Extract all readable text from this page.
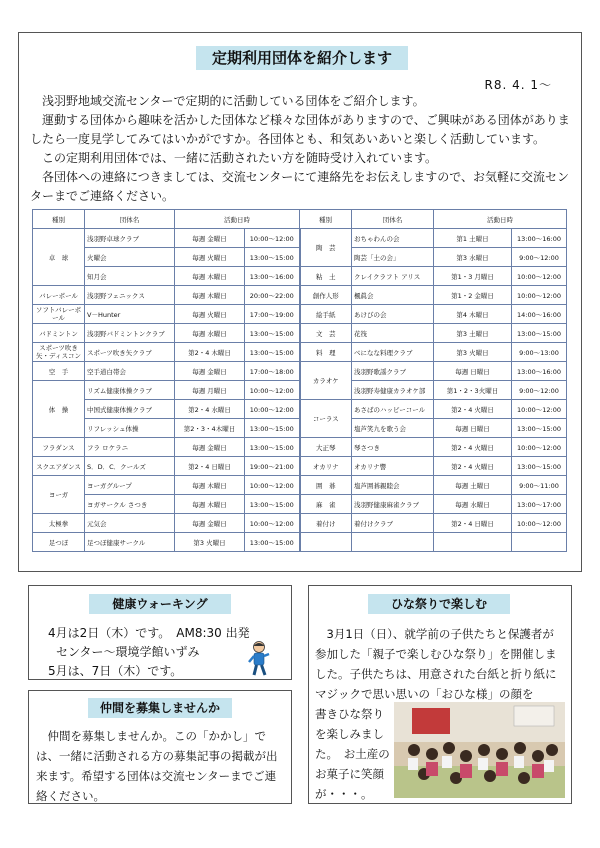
定期利用団体を紹介します
R8. 4. 1～

　浅羽野地域交流センターで定期的に活動している団体をご紹介します。

　運動する団体から趣味を活かした団体など様々な団体がありますので、ご興味がある団体がありましたら一度見学してみてはいかがですか。各団体とも、和気あいあいと楽しく活動しています。

　この定期利用団体では、一緒に活動されたい方を随時受け入れています。

　各団体への連絡につきましては、交流センターにて連絡先をお伝えしますので、お気軽に交流センターまでご連絡ください。

種別	団体名	活動日時		種別	団体名	活動日時	
卓　球	浅羽野卓球クラブ	毎週 金曜日	10:00～12:00	陶　芸	おちゃわんの会	第1 土曜日	13:00～16:00
	火曜会	毎週 火曜日	13:00～15:00		陶芸「土の会」	第3 水曜日	9:00～12:00
	知月会	毎週 木曜日	13:00～16:00	粘　土	クレイクラフト アリス	第1・3 月曜日	10:00～12:00
バレーボール	浅羽野フェニックス	毎週 木曜日	20:00～22:00	創作人形	楓眞会	第1・2 金曜日	10:00～12:00
ソフトバレーボール	V－Hunter	毎週 火曜日	17:00～19:00	絵手紙	あけびの会	第4 木曜日	14:00～16:00
バドミントン	浅羽野バドミントンクラブ	毎週 水曜日	13:00～15:00	文　芸	花筏	第3 土曜日	13:00～15:00
スポーツ吹き矢・ディスコン	スポーツ吹き矢クラブ	第2・4 木曜日	13:00～15:00	料　理	べになな料理クラブ	第3 火曜日	9:00～13:00
空　手	空手道白帯会	毎週 金曜日	17:00～18:00	カラオケ	浅羽野歌謡クラブ	毎週 日曜日	13:00～16:00
体　操	リズム健康体操クラブ	毎週 月曜日	10:00～12:00		浅羽野寿健康カラオケ部	第1・2・3火曜日	9:00～12:00
	中国式健康体操クラブ	第2・4 水曜日	10:00～12:00	コーラス	あさばのハッピーコール	第2・4 火曜日	10:00～12:00
	リフレッシュ体操	第2・3・4木曜日	13:00～15:00		塩芦笑九を歌う会	毎週 日曜日	13:00～15:00
フラダンス	フラ ロケラニ	毎週 金曜日	13:00～15:00	大正琴	琴さつき	第2・4 火曜日	10:00～12:00
スクエアダンス	S．D．C．クールズ	第2・4 日曜日	19:00～21:00	オカリナ	オカリナ響	第2・4 火曜日	13:00～15:00
ヨーガ	ヨーガグループ	毎週 木曜日	10:00～12:00	囲　碁	塩芦囲碁親睦会	毎週 土曜日	9:00～11:00
	ヨガサークル さつき	毎週 木曜日	13:00～15:00	麻　雀	浅羽野健康麻雀クラブ	毎週 水曜日	13:00～17:00
太極拳	元気会	毎週 金曜日	10:00～12:00	着付け	着付けクラブ	第2・4 日曜日	10:00～12:00
足つぼ	足つぼ健康サークル	第3 火曜日	13:00～15:00				
健康ウォーキング
4月は2日（木）です。　AM8:30 出発
センター～環境学館いずみ
5月は、7日（木）です。
仲間を募集しませんか
　仲間を募集しませんか。この「かかし」では、一緒に活動される方の募集記事の掲載が出来ます。希望する団体は交流センターまでご連絡ください。
ひな祭りで楽しむ
　3月1日（日）、就学前の子供たちと保護者が参加した「親子で楽しむひな祭り」を開催しました。子供たちは、用意された台紙と折り紙にマジックで思い思いの「おひな様」の顔を
書きひな祭りを楽しみました。　お土産のお菓子に笑顔が・・・。
